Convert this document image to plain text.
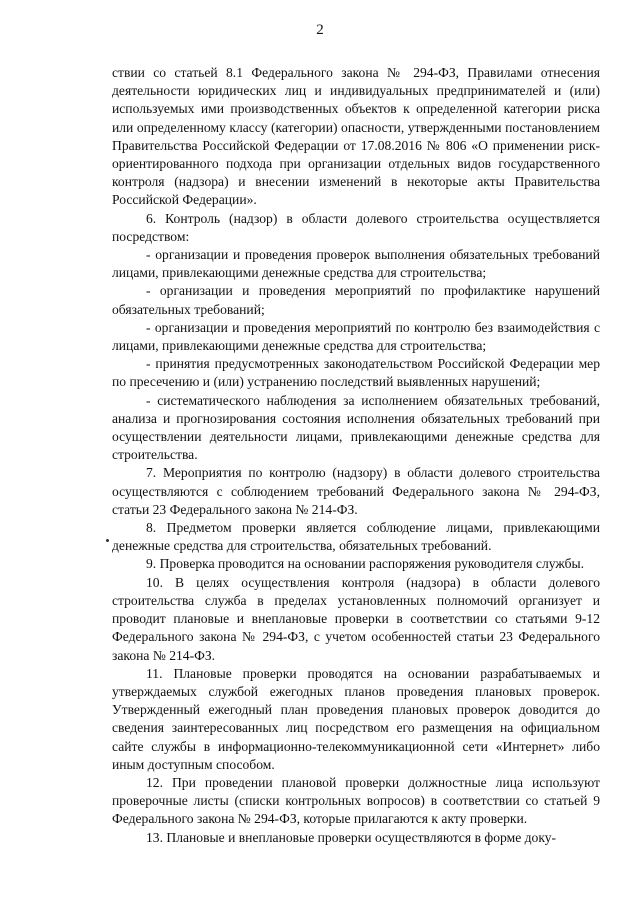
2

ствии со статьей 8.1 Федерального закона № 294-ФЗ, Правилами отнесения деятельности юридических лиц и индивидуальных предпринимателей и (или) используемых ими производственных объектов к определенной категории риска или определенному классу (категории) опасности, утвержденными постановлением Правительства Российской Федерации от 17.08.2016 № 806 «О применении риск-ориентированного подхода при организации отдельных видов государственного контроля (надзора) и внесении изменений в некоторые акты Правительства Российской Федерации».

6. Контроль (надзор) в области долевого строительства осуществляется посредством:

- организации и проведения проверок выполнения обязательных требований лицами, привлекающими денежные средства для строительства;

- организации и проведения мероприятий по профилактике нарушений обязательных требований;

- организации и проведения мероприятий по контролю без взаимодействия с лицами, привлекающими денежные средства для строительства;

- принятия предусмотренных законодательством Российской Федерации мер по пресечению и (или) устранению последствий выявленных нарушений;

- систематического наблюдения за исполнением обязательных требований, анализа и прогнозирования состояния исполнения обязательных требований при осуществлении деятельности лицами, привлекающими денежные средства для строительства.

7. Мероприятия по контролю (надзору) в области долевого строительства осуществляются с соблюдением требований Федерального закона № 294-ФЗ, статьи 23 Федерального закона № 214-ФЗ.

8. Предметом проверки является соблюдение лицами, привлекающими денежные средства для строительства, обязательных требований.

9. Проверка проводится на основании распоряжения руководителя службы.

10. В целях осуществления контроля (надзора) в области долевого строительства служба в пределах установленных полномочий организует и проводит плановые и внеплановые проверки в соответствии со статьями 9-12 Федерального закона № 294-ФЗ, с учетом особенностей статьи 23 Федерального закона № 214-ФЗ.

11. Плановые проверки проводятся на основании разрабатываемых и утверждаемых службой ежегодных планов проведения плановых проверок. Утвержденный ежегодный план проведения плановых проверок доводится до сведения заинтересованных лиц посредством его размещения на официальном сайте службы в информационно-телекоммуникационной сети «Интернет» либо иным доступным способом.

12. При проведении плановой проверки должностные лица используют проверочные листы (списки контрольных вопросов) в соответствии со статьей 9 Федерального закона № 294-ФЗ, которые прилагаются к акту проверки.

13. Плановые и внеплановые проверки осуществляются в форме доку-
